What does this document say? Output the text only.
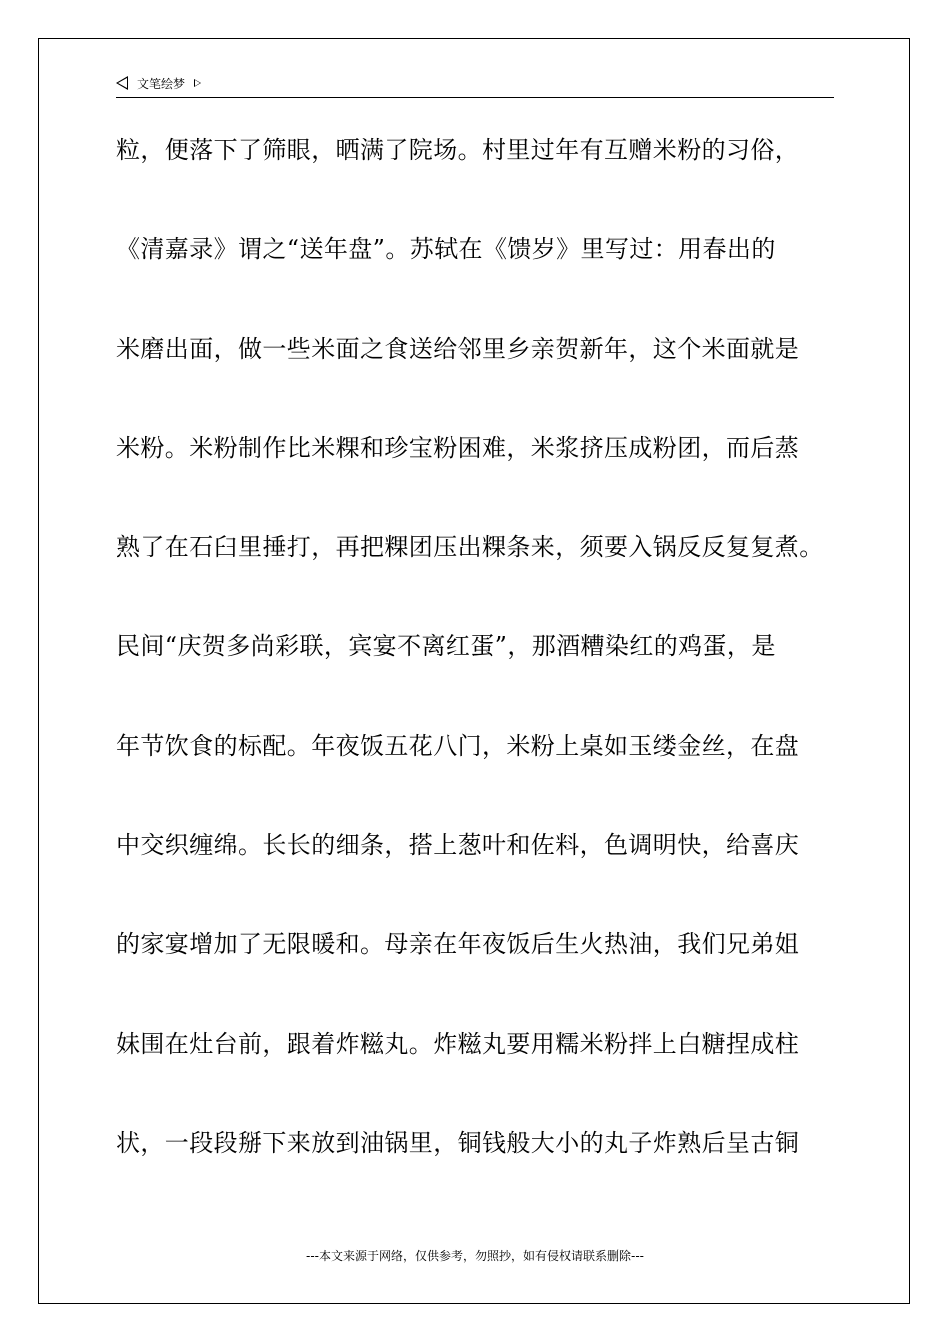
文笔绘梦
粒，便落下了筛眼，晒满了院场。村里过年有互赠米粉的习俗，
《清嘉录》谓之“送年盘”。苏轼在《馈岁》里写过：用春出的
米磨出面，做一些米面之食送给邻里乡亲贺新年，这个米面就是
米粉。米粉制作比米粿和珍宝粉困难，米浆挤压成粉团，而后蒸
熟了在石臼里捶打，再把粿团压出粿条来，须要入锅反反复复煮。
民间“庆贺多尚彩联，宾宴不离红蛋”，那酒糟染红的鸡蛋，是
年节饮食的标配。年夜饭五花八门，米粉上桌如玉缕金丝，在盘
中交织缠绵。长长的细条，搭上葱叶和佐料，色调明快，给喜庆
的家宴增加了无限暖和。母亲在年夜饭后生火热油，我们兄弟姐
妹围在灶台前，跟着炸糍丸。炸糍丸要用糯米粉拌上白糖捏成柱
状，一段段掰下来放到油锅里，铜钱般大小的丸子炸熟后呈古铜
---本文来源于网络，仅供参考，勿照抄，如有侵权请联系删除---
